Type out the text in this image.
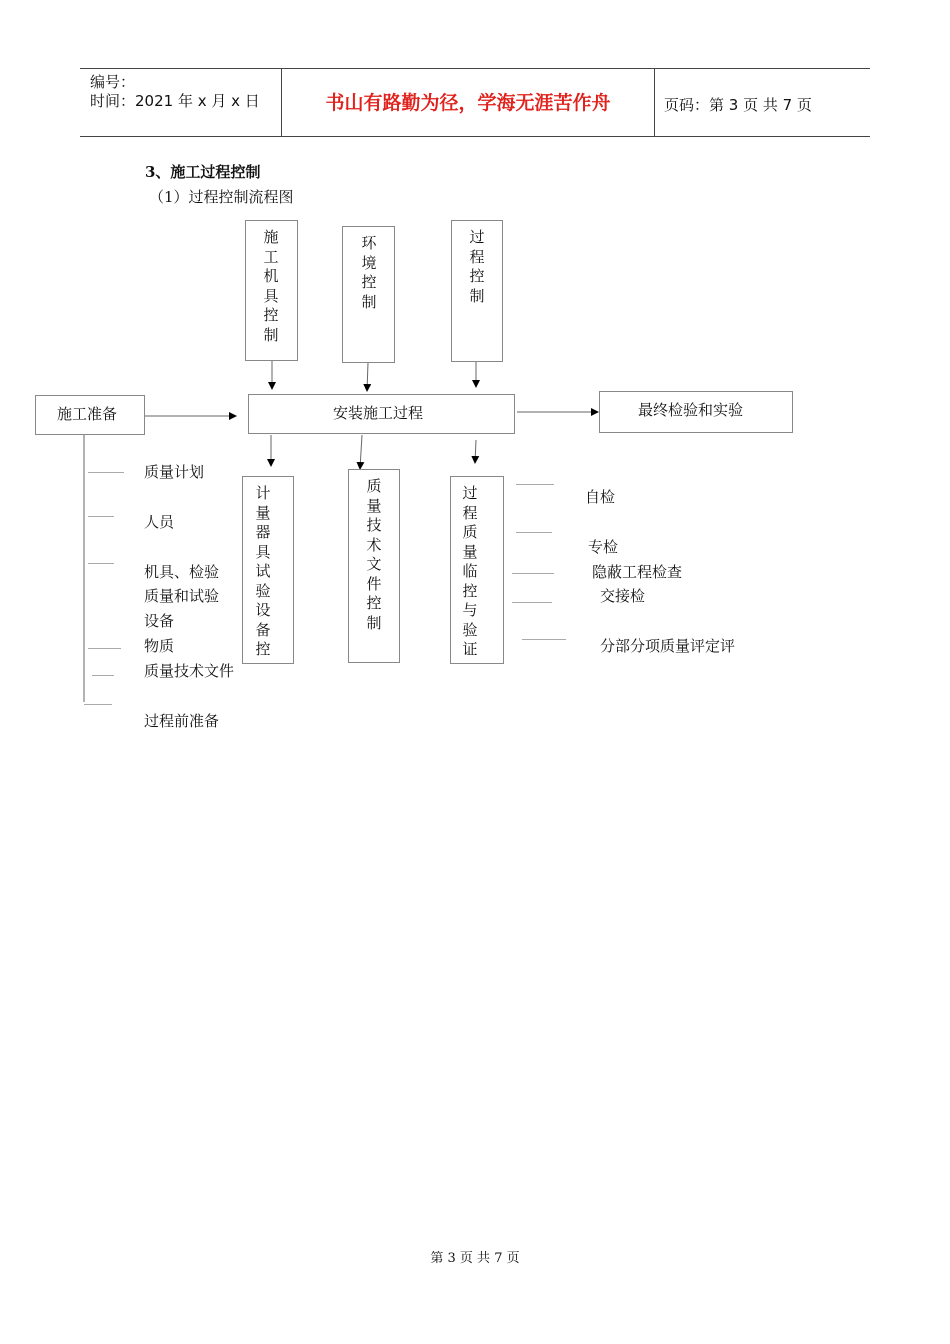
编号：
时间：2021 年 x 月 x 日	书山有路勤为径，学海无涯苦作舟	页码：第 3 页 共 7 页
3、施工过程控制
（1）过程控制流程图
施工机具控制
环境控制
过程控制
施工准备	安装施工过程	最终检验和实验
计量器具试验设备控
质量技术文件控制
过程质量临控与验证
质量计划
人员
机具、检验
质量和试验
设备
物质
质量技术文件
过程前准备
自检
专检
隐蔽工程检查
交接检
分部分项质量评定评
第 3 页 共 7 页
